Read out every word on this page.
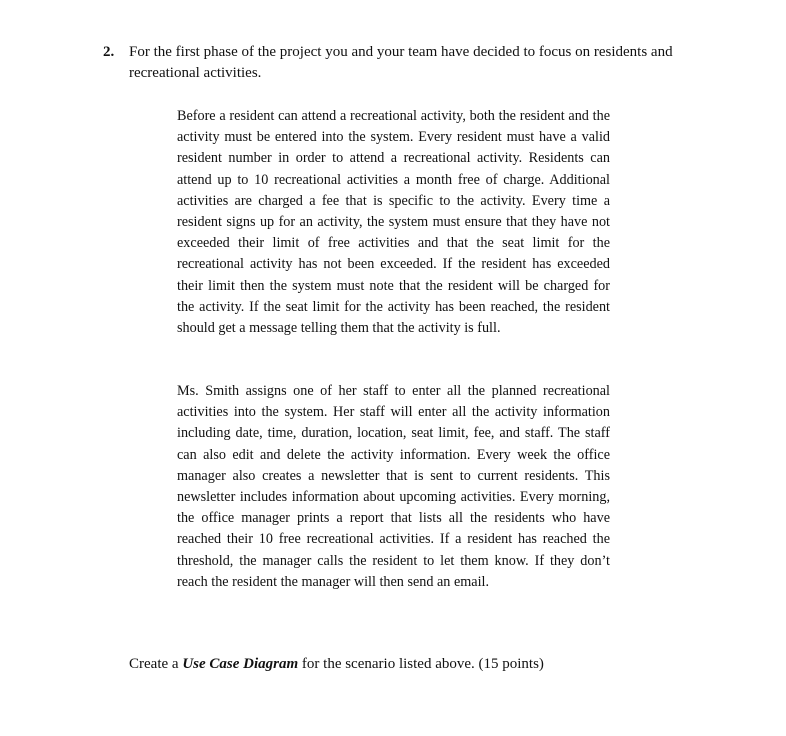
2. For the first phase of the project you and your team have decided to focus on residents and recreational activities.
Before a resident can attend a recreational activity, both the resident and the activity must be entered into the system. Every resident must have a valid resident number in order to attend a recreational activity. Residents can attend up to 10 recreational activities a month free of charge. Additional activities are charged a fee that is specific to the activity. Every time a resident signs up for an activity, the system must ensure that they have not exceeded their limit of free activities and that the seat limit for the recreational activity has not been exceeded. If the resident has exceeded their limit then the system must note that the resident will be charged for the activity. If the seat limit for the activity has been reached, the resident should get a message telling them that the activity is full.
Ms. Smith assigns one of her staff to enter all the planned recreational activities into the system. Her staff will enter all the activity information including date, time, duration, location, seat limit, fee, and staff. The staff can also edit and delete the activity information. Every week the office manager also creates a newsletter that is sent to current residents. This newsletter includes information about upcoming activities. Every morning, the office manager prints a report that lists all the residents who have reached their 10 free recreational activities. If a resident has reached the threshold, the manager calls the resident to let them know. If they don’t reach the resident the manager will then send an email.
Create a Use Case Diagram for the scenario listed above. (15 points)
